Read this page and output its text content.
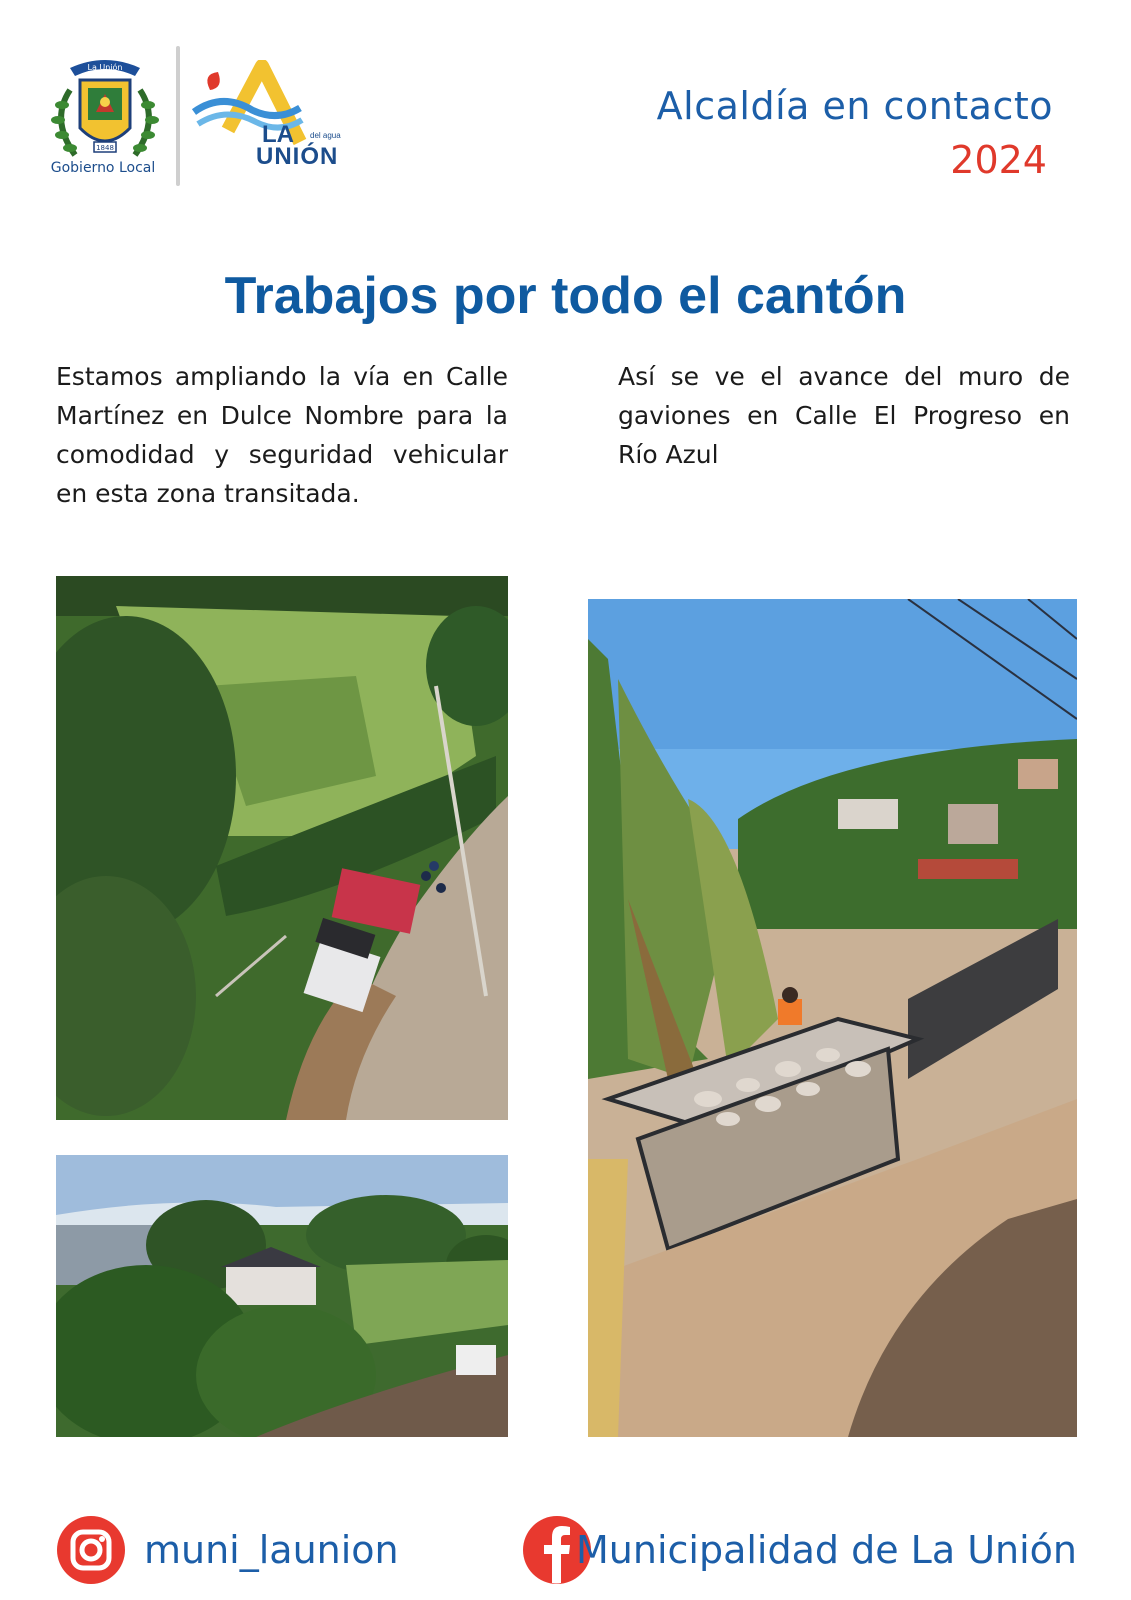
La Unión
1848
Gobierno Local
LA del agua
UNIÓN
Alcaldía en contacto
2024
Trabajos por todo el cantón
Estamos ampliando la vía en Calle Martínez en Dulce Nombre para la comodidad y seguridad vehicular en esta zona transitada.
Así se ve el avance del muro de gaviones en Calle El Progreso en Río Azul
muni_launion	Municipalidad de La Unión
